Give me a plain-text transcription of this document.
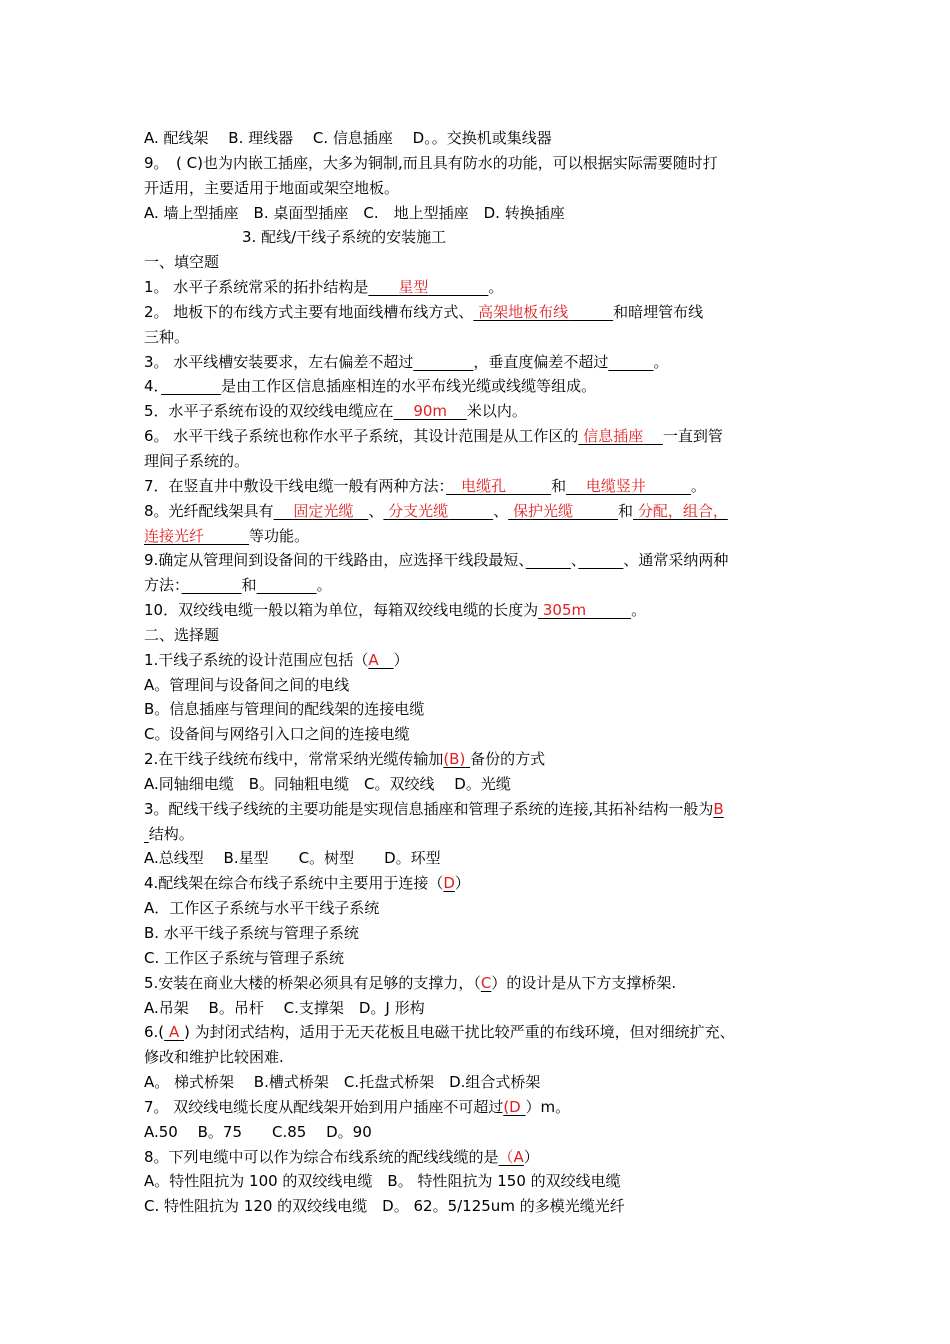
A. 配线架　 B. 理线器　 C. 信息插座　 D。。交换机或集线器
9。　( C)也为内嵌工插座，大多为铜制,而且具有防水的功能，可以根据实际需要随时打
开适用，主要适用于地面或架空地板。
A. 墙上型插座　B. 桌面型插座　C.　地上型插座　D. 转换插座
3. 配线/干线子系统的安装施工
一、填空题
1。 水平子系统常采的拓扑结构是　　 星型　　　　	。
2。 地板下的布线方式主要有地面线槽布线方式、 高架地板布线　　　	和暗埋管布线
三种。
3。 水平线槽安装要求，左右偏差不超过　　　　	，垂直度偏差不超过　　　	。
4．　　　　	是由工作区信息插座相连的水平布线光缆或线缆等组成。
5．水平子系统布设的双绞线电缆应在　 90m　 米以内。
6。 水平干线子系统也称作水平子系统，其设计范围是从工作区的 信息插座　 一直到管
理间子系统的。
7．在竖直井中敷设干线电缆一般有两种方法：　 电缆孔　　　	和　 电缆竖井　　　	。
8。光纤配线架具有　 固定光缆　 、 分支光缆　　　	、 保护光缆　　　	和 分配，组合，
连接光纤　　　	等功能。
9.确定从管理间到设备间的干线路由，应选择干线段最短、　　　	、　　　	、通常采纳两种
方法：　　　　	和　　　　	。
10．双绞线电缆一般以箱为单位，每箱双绞线电缆的长度为 305m　　　	。
二、选择题
1.干线子系统的设计范围应包括（A　 ）
A。管理间与设备间之间的电线
B。信息插座与管理间的配线架的连接电缆
C。设备间与网络引入口之间的连接电缆
2.在干线子线统布线中，常常采纳光缆传输加(B) 备份的方式
A.同轴细电缆　B。同轴粗电缆　C。双绞线　 D。光缆
3。配线干线子线统的主要功能是实现信息插座和管理子系统的连接,其拓补结构一般为B
结构。
A.总线型　 B.星型　　C。树型　　D。环型
4.配线架在综合布线子系统中主要用于连接（D）
A．工作区子系统与水平干线子系统
B. 水平干线子系统与管理子系统
C. 工作区子系统与管理子系统
5.安装在商业大楼的桥架必须具有足够的支撑力，（C）的设计是从下方支撑桥架.
A.吊架　 B。吊杆　 C.支撑架　D。J 形构
6.( A ) 为封闭式结构，适用于无天花板且电磁干扰比较严重的布线环境，但对细统扩充、
修改和维护比较困难.
A。 梯式桥架　 B.槽式桥架　C.托盘式桥架　D.组合式桥架
7。 双绞线电缆长度从配线架开始到用户插座不可超过(D ）m。
A.50　 B。75　　C.85　 D。90
8。下列电缆中可以作为综合布线系统的配线线缆的是（A）
A。特性阻抗为 100 的双绞线电缆　B。 特性阻抗为 150 的双绞线电缆
C. 特性阻抗为 120 的双绞线电缆　D。 62。5/125um 的多模光缆光纤
